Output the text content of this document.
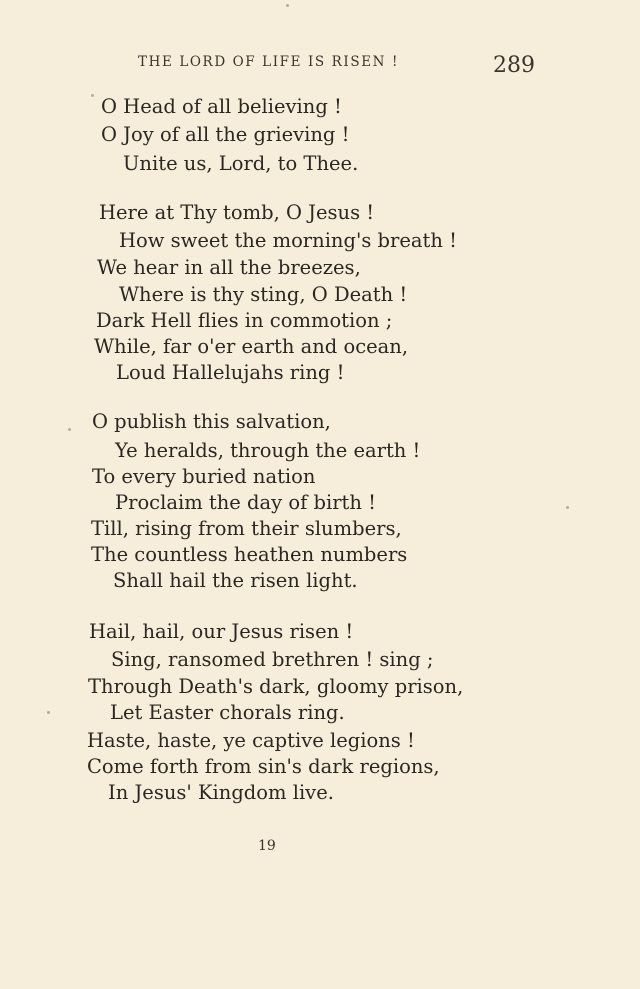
THE LORD OF LIFE IS RISEN !	289
O Head of all believing !
O Joy of all the grieving !
Unite us, Lord, to Thee.
Here at Thy tomb, O Jesus !
How sweet the morning's breath !
We hear in all the breezes,
Where is thy sting, O Death !
Dark Hell flies in commotion ;
While, far o'er earth and ocean,
Loud Hallelujahs ring !
O publish this salvation,
Ye heralds, through the earth !
To every buried nation
Proclaim the day of birth !
Till, rising from their slumbers,
The countless heathen numbers
Shall hail the risen light.
Hail, hail, our Jesus risen !
Sing, ransomed brethren ! sing ;
Through Death's dark, gloomy prison,
Let Easter chorals ring.
Haste, haste, ye captive legions !
Come forth from sin's dark regions,
In Jesus' Kingdom live.
19
